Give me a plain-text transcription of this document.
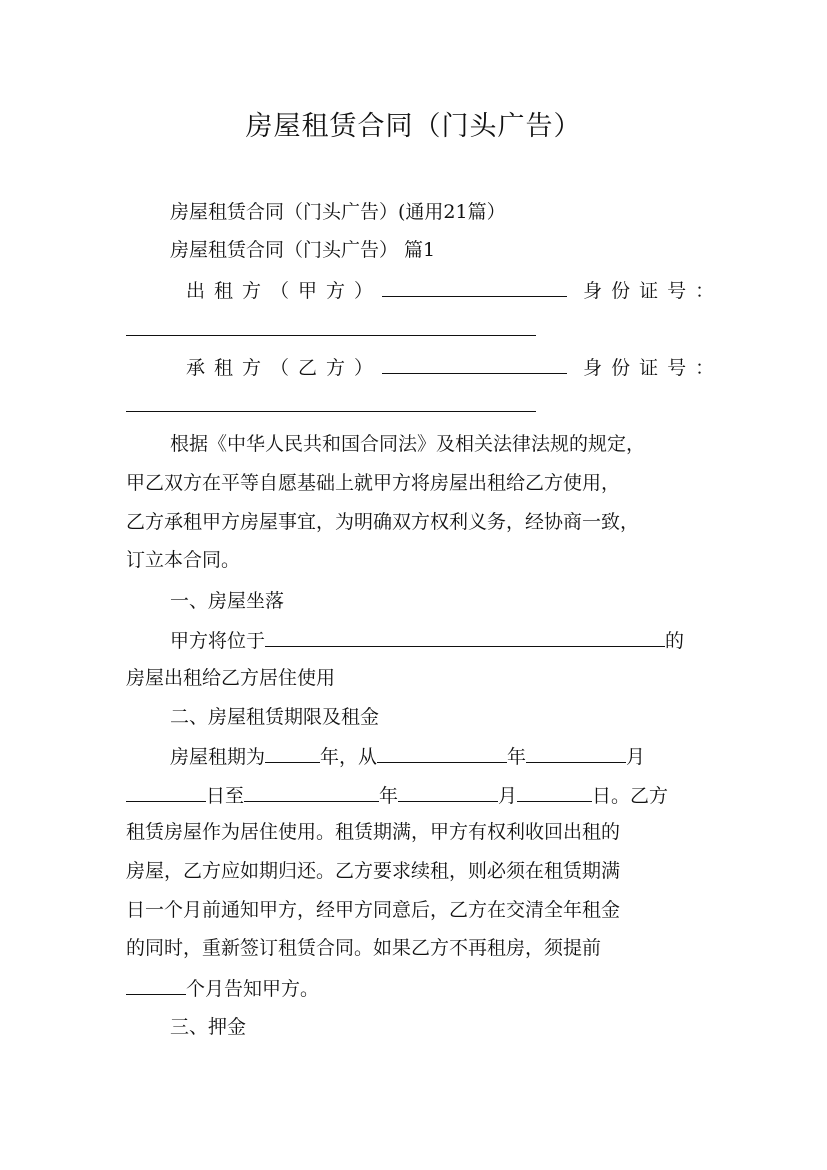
房屋租赁合同（门头广告）
房屋租赁合同（门头广告）(通用21篇）
房屋租赁合同（门头广告） 篇1
出租方（甲方）	身份证号：
承租方（乙方）	身份证号：
根据《中华人民共和国合同法》及相关法律法规的规定，
甲乙双方在平等自愿基础上就甲方将房屋出租给乙方使用，
乙方承租甲方房屋事宜，为明确双方权利义务，经协商一致，
订立本合同。
一、房屋坐落
甲方将位于	的
房屋出租给乙方居住使用
二、房屋租赁期限及租金
房屋租期为	年，从	年	月
日至	年	月	日。乙方
租赁房屋作为居住使用。租赁期满，甲方有权利收回出租的
房屋，乙方应如期归还。乙方要求续租，则必须在租赁期满
日一个月前通知甲方，经甲方同意后，乙方在交清全年租金
的同时，重新签订租赁合同。如果乙方不再租房，须提前
个月告知甲方。
三、押金
